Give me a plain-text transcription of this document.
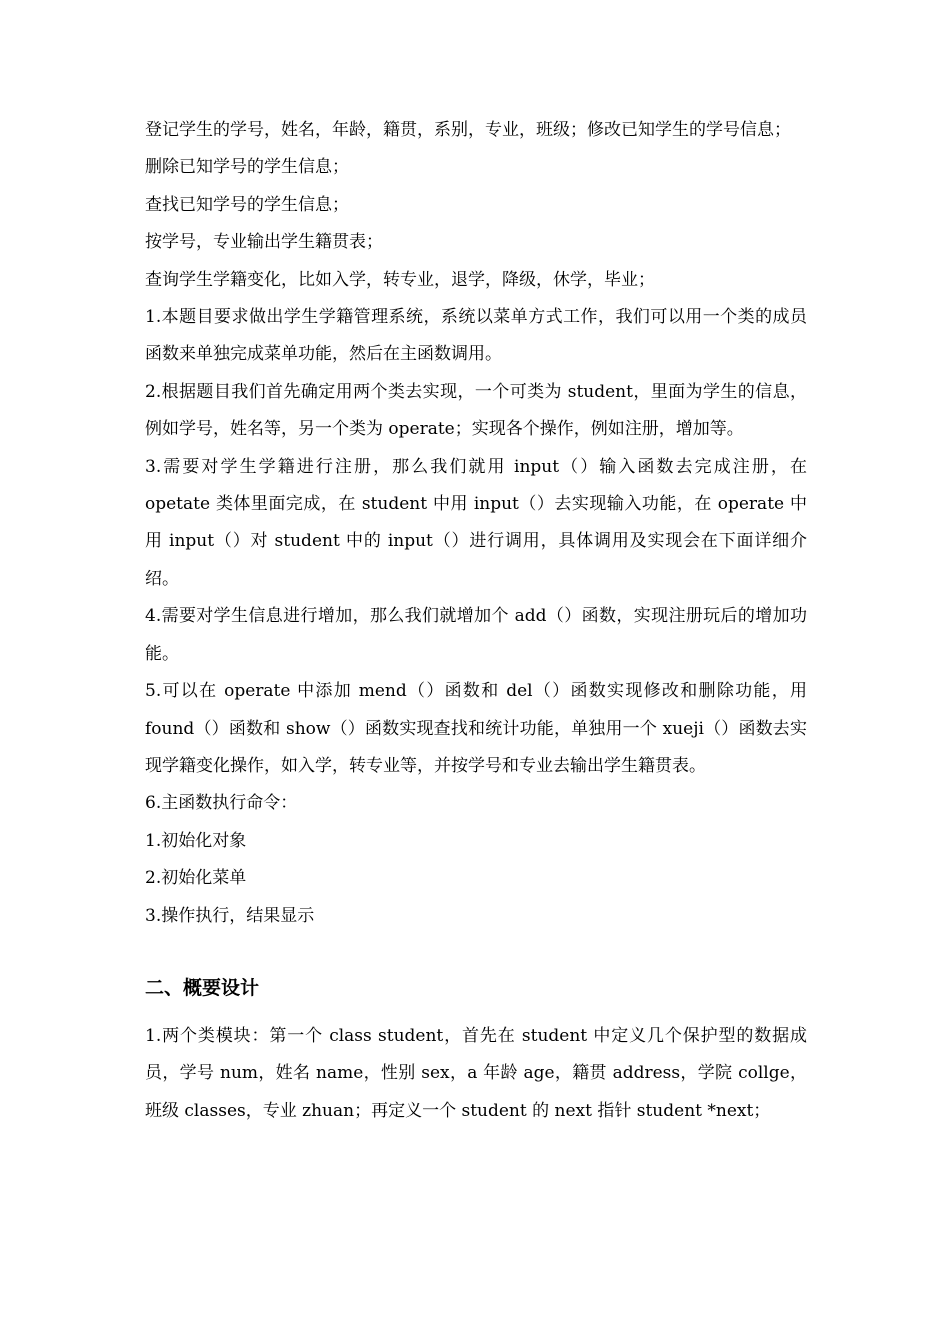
登记学生的学号，姓名，年龄，籍贯，系别，专业，班级；修改已知学生的学号信息；

删除已知学号的学生信息；

查找已知学号的学生信息；

按学号，专业输出学生籍贯表；

查询学生学籍变化，比如入学，转专业，退学，降级，休学，毕业；

1.本题目要求做出学生学籍管理系统，系统以菜单方式工作，我们可以用一个类的成员函数来单独完成菜单功能，然后在主函数调用。

2.根据题目我们首先确定用两个类去实现，一个可类为 student，里面为学生的信息，例如学号，姓名等，另一个类为 operate；实现各个操作，例如注册，增加等。

3.需要对学生学籍进行注册，那么我们就用 input（）输入函数去完成注册，在 opetate 类体里面完成，在 student 中用 input（）去实现输入功能，在 operate 中用 input（）对 student 中的 input（）进行调用，具体调用及实现会在下面详细介绍。

4.需要对学生信息进行增加，那么我们就增加个 add（）函数，实现注册玩后的增加功能。

5.可以在 operate 中添加 mend（）函数和 del（）函数实现修改和删除功能，用 found（）函数和 show（）函数实现查找和统计功能，单独用一个 xueji（）函数去实现学籍变化操作，如入学，转专业等，并按学号和专业去输出学生籍贯表。

6.主函数执行命令：

1.初始化对象

2.初始化菜单

3.操作执行，结果显示

二、概要设计

1.两个类模块：第一个 class student，首先在 student 中定义几个保护型的数据成员，学号 num，姓名 name，性别 sex，a 年龄 age，籍贯 address，学院 collge，班级 classes，专业 zhuan；再定义一个 student 的 next 指针 student *next；
